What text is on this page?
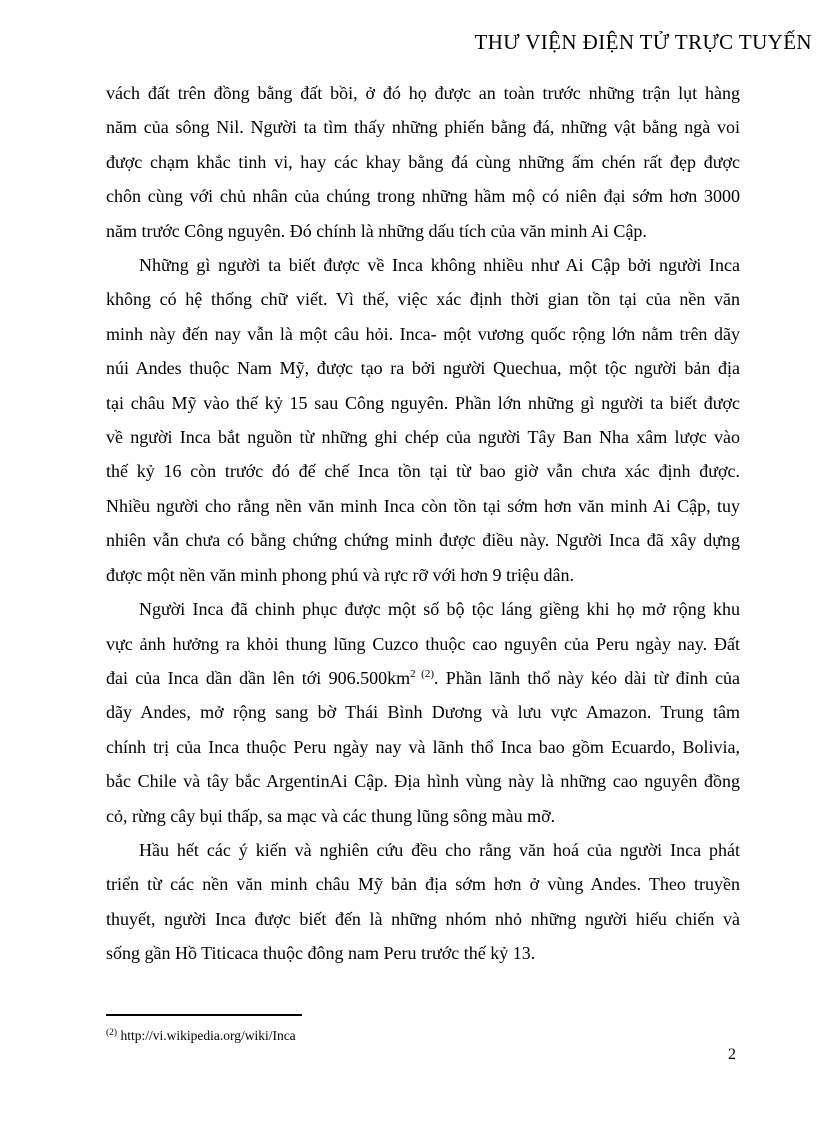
THƯ VIỆN ĐIỆN TỬ TRỰC TUYẾN
vách đất trên đồng bằng đất bồi, ở đó họ được an toàn trước những trận lụt hàng
năm của sông Nil. Người ta tìm thấy những phiến bằng đá, những vật bằng ngà voi
được chạm khắc tinh vi, hay các khay bằng đá cùng những ấm chén rất đẹp được
chôn cùng với chủ nhân của chúng trong những hầm mộ có niên đại sớm hơn 3000
năm trước Công nguyên. Đó chính là những dấu tích của văn minh Ai Cập.
Những gì người ta biết được về Inca không nhiều như Ai Cập bởi người Inca
không có hệ thống chữ viết. Vì thế, việc xác định thời gian tồn tại của nền văn
minh này đến nay vẫn là một câu hỏi. Inca- một vương quốc rộng lớn nằm trên dãy
núi Andes thuộc Nam Mỹ, được tạo ra bởi người Quechua, một tộc người bản địa
tại châu Mỹ vào thế kỷ 15 sau Công nguyên. Phần lớn những gì người ta biết được
về người Inca bắt nguồn từ những ghi chép của người Tây Ban Nha xâm lược vào
thế kỷ 16 còn trước đó đế chế Inca tồn tại từ bao giờ vẫn chưa xác định được.
Nhiều người cho rằng nền văn minh Inca còn tồn tại sớm hơn văn minh Ai Cập, tuy
nhiên vẫn chưa có bằng chứng chứng minh được điều này. Người Inca đã xây dựng
được một nền văn minh phong phú và rực rỡ với hơn 9 triệu dân.
Người Inca đã chinh phục được một số bộ tộc láng giềng khi họ mở rộng khu
vực ảnh hưởng ra khỏi thung lũng Cuzco thuộc cao nguyên của Peru ngày nay. Đất
đai của Inca dần dần lên tới $906.500km^{2 (2)}$. Phần lãnh thổ này kéo dài từ đỉnh của
dãy Andes, mở rộng sang bờ Thái Bình Dương và lưu vực Amazon. Trung tâm
chính trị của Inca thuộc Peru ngày nay và lãnh thổ Inca bao gồm Ecuardo, Bolivia,
bắc Chile và tây bắc ArgentinAi Cập. Địa hình vùng này là những cao nguyên đồng
cỏ, rừng cây bụi thấp, sa mạc và các thung lũng sông màu mỡ.
Hầu hết các ý kiến và nghiên cứu đều cho rằng văn hoá của người Inca phát
triển từ các nền văn minh châu Mỹ bản địa sớm hơn ở vùng Andes. Theo truyền
thuyết, người Inca được biết đến là những nhóm nhỏ những người hiếu chiến và
sống gần Hồ Titicaca thuộc đông nam Peru trước thế kỷ 13.
$^{(2)}$ http://vi.wikipedia.org/wiki/Inca
2
